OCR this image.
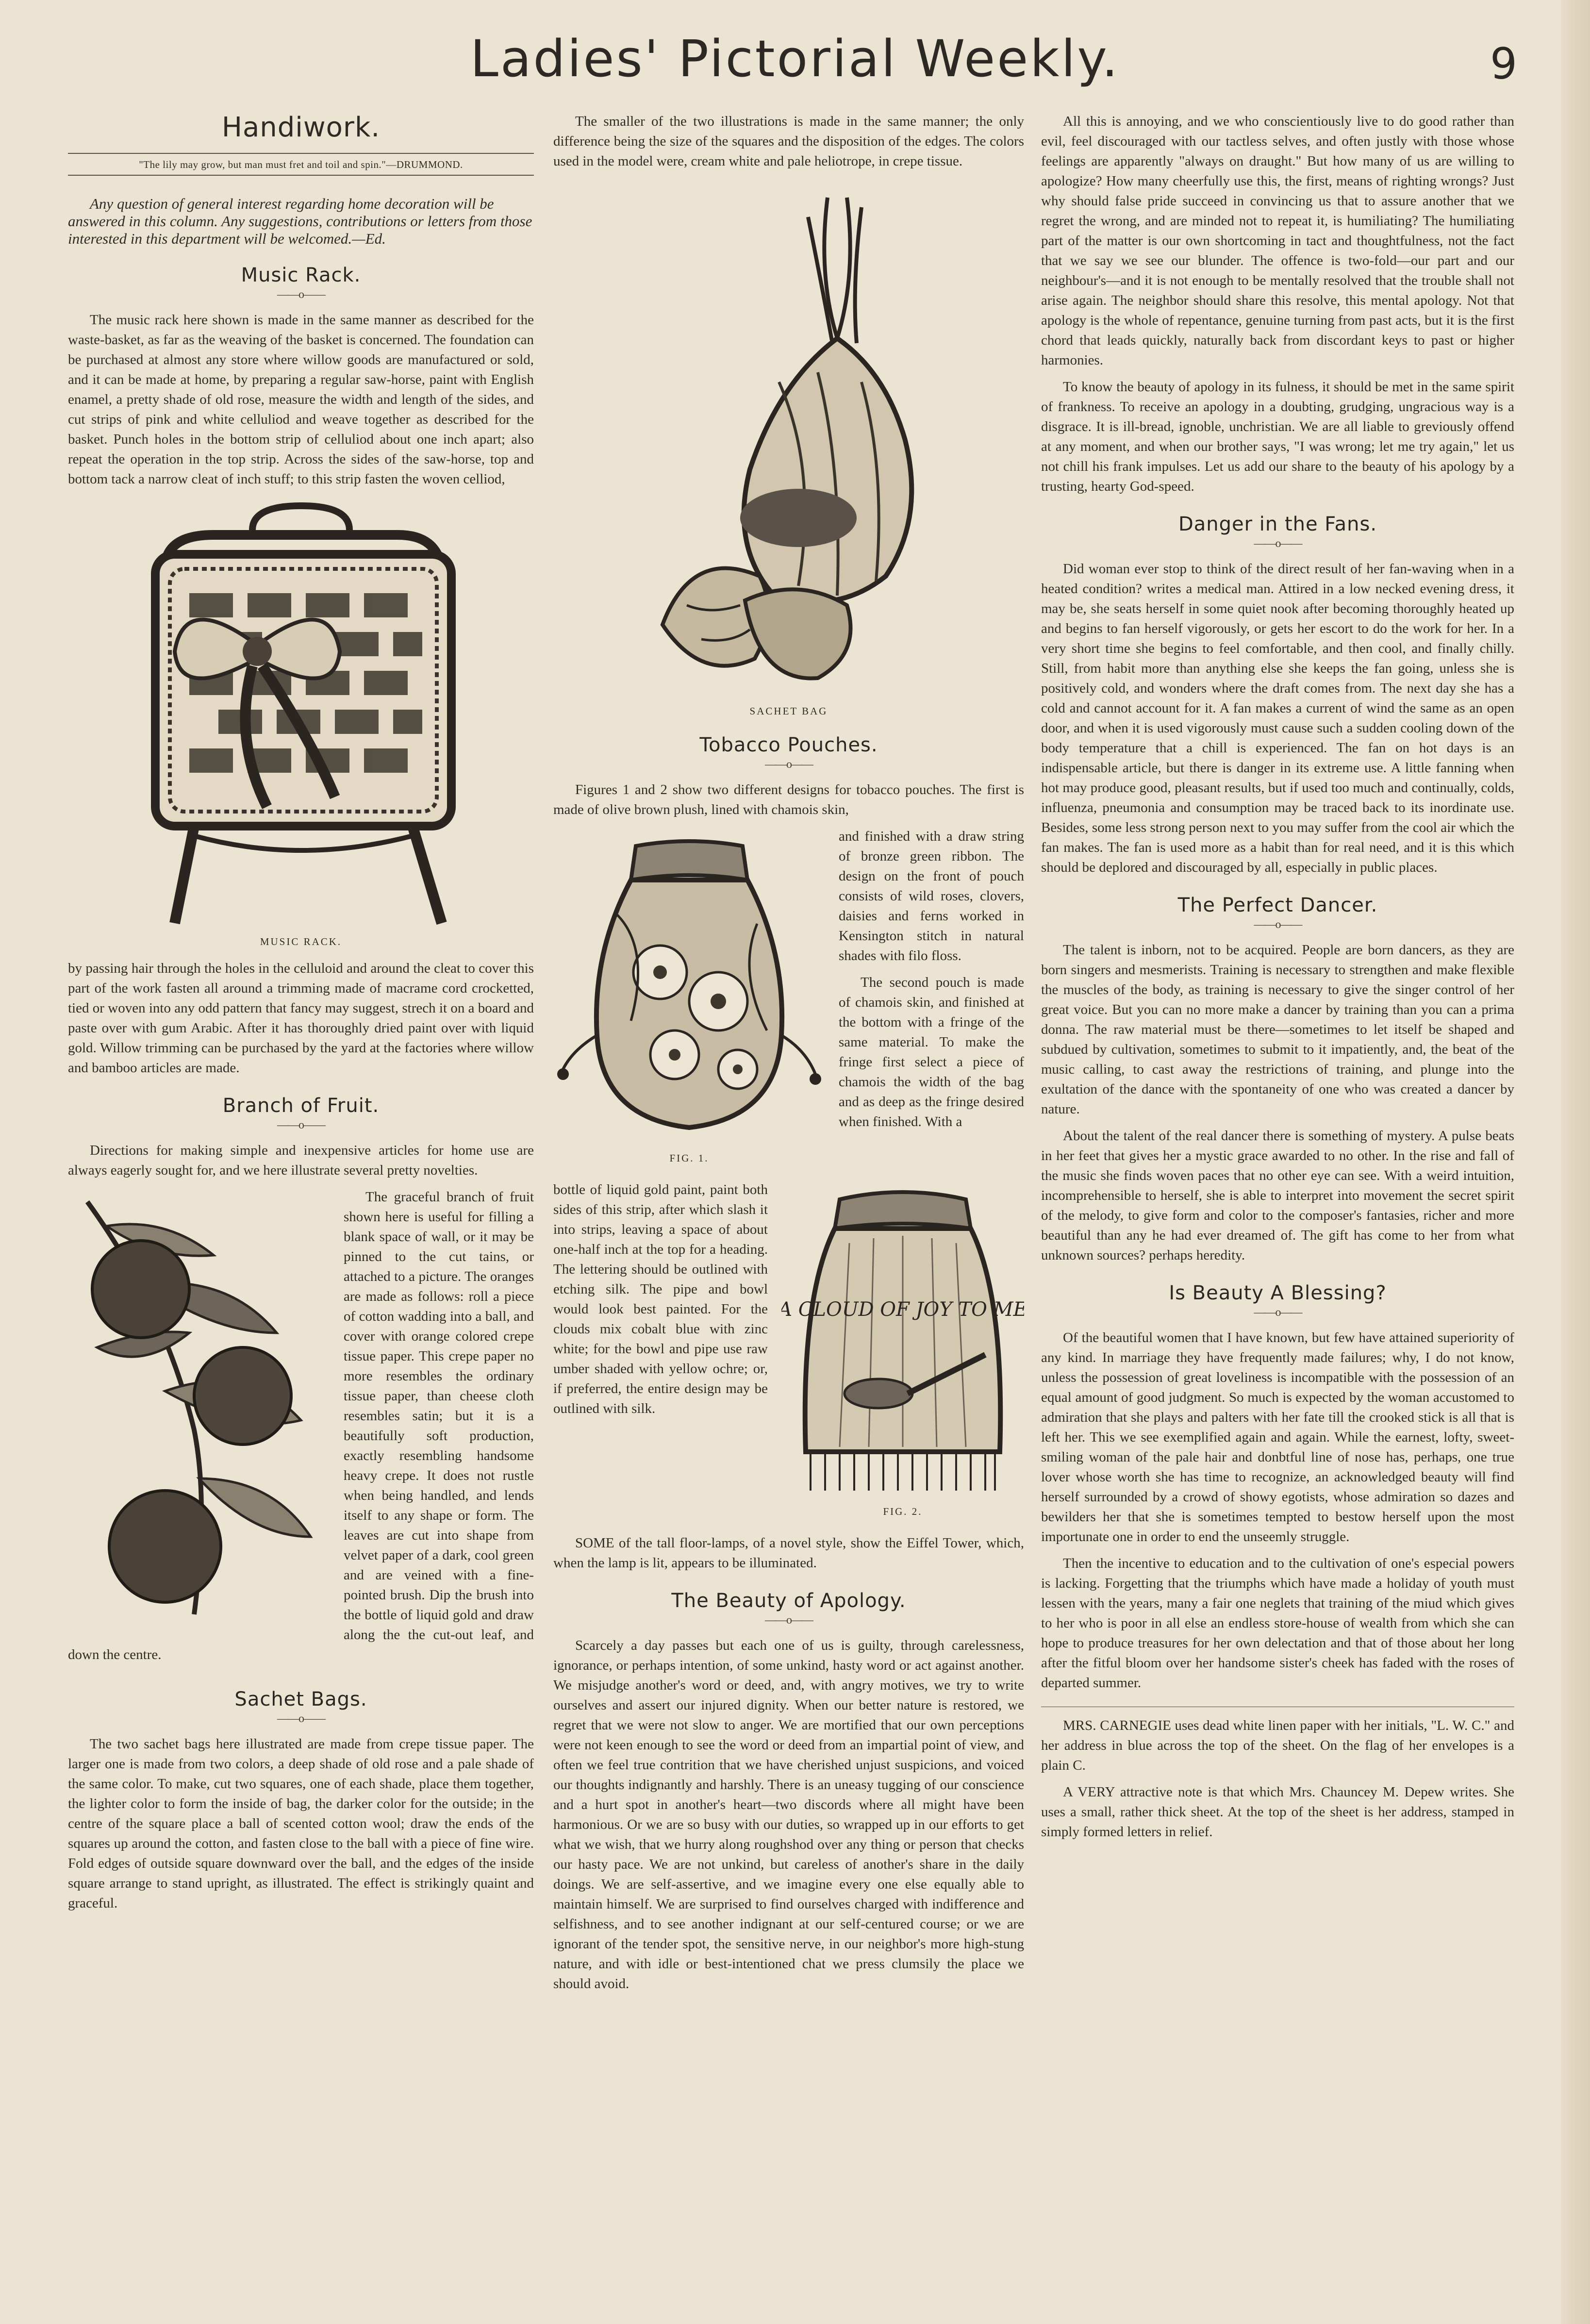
Ladies' Pictorial Weekly.	9
Handiwork.
"The lily may grow, but man must fret and toil and spin."—DRUMMOND.

Any question of general interest regarding home decoration will be answered in this column. Any suggestions, contributions or letters from those interested in this department will be welcomed.—Ed.

Music Rack.
——o——

The music rack here shown is made in the same manner as described for the waste-basket, as far as the weaving of the basket is concerned. The foundation can be purchased at almost any store where willow goods are manufactured or sold, and it can be made at home, by preparing a regular saw-horse, paint with English enamel, a pretty shade of old rose, measure the width and length of the sides, and cut strips of pink and white celluliod and weave together as described for the basket. Punch holes in the bottom strip of celluliod about one inch apart; also repeat the operation in the top strip. Across the sides of the saw-horse, top and bottom tack a narrow cleat of inch stuff; to this strip fasten the woven celliod,

MUSIC RACK.

by passing hair through the holes in the celluloid and around the cleat to cover this part of the work fasten all around a trimming made of macrame cord crocketted, tied or woven into any odd pattern that fancy may suggest, strech it on a board and paste over with gum Arabic. After it has thoroughly dried paint over with liquid gold. Willow trimming can be purchased by the yard at the factories where willow and bamboo articles are made.

Branch of Fruit.
——o——

Directions for making simple and inexpensive articles for home use are always eagerly sought for, and we here illustrate several pretty novelties.

The graceful branch of fruit shown here is useful for filling a blank space of wall, or it may be pinned to the cut tains, or attached to a picture. The oranges are made as follows: roll a piece of cotton wadding into a ball, and cover with orange colored crepe tissue paper. This crepe paper no more resembles the ordinary tissue paper, than cheese cloth resembles satin; but it is a beautifully soft production, exactly resembling handsome heavy crepe. It does not rustle when being handled, and lends itself to any shape or form. The leaves are cut into shape from velvet paper of a dark, cool green and are veined with a fine-pointed brush. Dip the brush into the bottle of liquid gold and draw along the the cut-out leaf, and down the centre.

Sachet Bags.
——o——

The two sachet bags here illustrated are made from crepe tissue paper. The larger one is made from two colors, a deep shade of old rose and a pale shade of the same color. To make, cut two squares, one of each shade, place them together, the lighter color to form the inside of bag, the darker color for the outside; in the centre of the square place a ball of scented cotton wool; draw the ends of the squares up around the cotton, and fasten close to the ball with a piece of fine wire. Fold edges of outside square downward over the ball, and the edges of the inside square arrange to stand upright, as illustrated. The effect is strikingly quaint and graceful.

The smaller of the two illustrations is made in the same manner; the only difference being the size of the squares and the disposition of the edges. The colors used in the model were, cream white and pale heliotrope, in crepe tissue.

SACHET BAG
Tobacco Pouches.
——o——

Figures 1 and 2 show two different designs for tobacco pouches. The first is made of olive brown plush, lined with chamois skin,

FIG. 1.

and finished with a draw string of bronze green ribbon. The design on the front of pouch consists of wild roses, clovers, daisies and ferns worked in Kensington stitch in natural shades with filo floss.

The second pouch is made of chamois skin, and finished at the bottom with a fringe of the same material. To make the fringe first select a piece of chamois the width of the bag and as deep as the fringe desired when finished. With a

A CLOUD OF JOY TO ME
FIG. 2.

bottle of liquid gold paint, paint both sides of this strip, after which slash it into strips, leaving a space of about one-half inch at the top for a heading. The lettering should be outlined with etching silk. The pipe and bowl would look best painted. For the clouds mix cobalt blue with zinc white; for the bowl and pipe use raw umber shaded with yellow ochre; or, if preferred, the entire design may be outlined with silk.

SOME of the tall floor-lamps, of a novel style, show the Eiffel Tower, which, when the lamp is lit, appears to be illuminated.

The Beauty of Apology.
——o——

Scarcely a day passes but each one of us is guilty, through carelessness, ignorance, or perhaps intention, of some unkind, hasty word or act against another. We misjudge another's word or deed, and, with angry motives, we try to write ourselves and assert our injured dignity. When our better nature is restored, we regret that we were not slow to anger. We are mortified that our own perceptions were not keen enough to see the word or deed from an impartial point of view, and often we feel true contrition that we have cherished unjust suspicions, and voiced our thoughts indignantly and harshly. There is an uneasy tugging of our conscience and a hurt spot in another's heart—two discords where all might have been harmonious. Or we are so busy with our duties, so wrapped up in our efforts to get what we wish, that we hurry along roughshod over any thing or person that checks our hasty pace. We are not unkind, but careless of another's share in the daily doings. We are self-assertive, and we imagine every one else equally able to maintain himself. We are surprised to find ourselves charged with indifference and selfishness, and to see another indignant at our self-centured course; or we are ignorant of the tender spot, the sensitive nerve, in our neighbor's more high-stung nature, and with idle or best-intentioned chat we press clumsily the place we should avoid.

All this is annoying, and we who conscientiously live to do good rather than evil, feel discouraged with our tactless selves, and often justly with those whose feelings are apparently "always on draught." But how many of us are willing to apologize? How many cheerfully use this, the first, means of righting wrongs? Just why should false pride succeed in convincing us that to assure another that we regret the wrong, and are minded not to repeat it, is humiliating? The humiliating part of the matter is our own shortcoming in tact and thoughtfulness, not the fact that we say we see our blunder. The offence is two-fold—our part and our neighbour's—and it is not enough to be mentally resolved that the trouble shall not arise again. The neighbor should share this resolve, this mental apology. Not that apology is the whole of repentance, genuine turning from past acts, but it is the first chord that leads quickly, naturally back from discordant keys to past or higher harmonies.

To know the beauty of apology in its fulness, it should be met in the same spirit of frankness. To receive an apology in a doubting, grudging, ungracious way is a disgrace. It is ill-bread, ignoble, unchristian. We are all liable to greviously offend at any moment, and when our brother says, "I was wrong; let me try again," let us not chill his frank impulses. Let us add our share to the beauty of his apology by a trusting, hearty God-speed.

Danger in the Fans.
——o——

Did woman ever stop to think of the direct result of her fan-waving when in a heated condition? writes a medical man. Attired in a low necked evening dress, it may be, she seats herself in some quiet nook after becoming thoroughly heated up and begins to fan herself vigorously, or gets her escort to do the work for her. In a very short time she begins to feel comfortable, and then cool, and finally chilly. Still, from habit more than anything else she keeps the fan going, unless she is positively cold, and wonders where the draft comes from. The next day she has a cold and cannot account for it. A fan makes a current of wind the same as an open door, and when it is used vigorously must cause such a sudden cooling down of the body temperature that a chill is experienced. The fan on hot days is an indispensable article, but there is danger in its extreme use. A little fanning when hot may produce good, pleasant results, but if used too much and continually, colds, influenza, pneumonia and consumption may be traced back to its inordinate use. Besides, some less strong person next to you may suffer from the cool air which the fan makes. The fan is used more as a habit than for real need, and it is this which should be deplored and discouraged by all, especially in public places.

The Perfect Dancer.
——o——

The talent is inborn, not to be acquired. People are born dancers, as they are born singers and mesmerists. Training is necessary to strengthen and make flexible the muscles of the body, as training is necessary to give the singer control of her great voice. But you can no more make a dancer by training than you can a prima donna. The raw material must be there—sometimes to let itself be shaped and subdued by cultivation, sometimes to submit to it impatiently, and, the beat of the music calling, to cast away the restrictions of training, and plunge into the exultation of the dance with the spontaneity of one who was created a dancer by nature.

About the talent of the real dancer there is something of mystery. A pulse beats in her feet that gives her a mystic grace awarded to no other. In the rise and fall of the music she finds woven paces that no other eye can see. With a weird intuition, incomprehensible to herself, she is able to interpret into movement the secret spirit of the melody, to give form and color to the composer's fantasies, richer and more beautiful than any he had ever dreamed of. The gift has come to her from what unknown sources? perhaps heredity.

Is Beauty A Blessing?
——o——

Of the beautiful women that I have known, but few have attained superiority of any kind. In marriage they have frequently made failures; why, I do not know, unless the possession of great loveliness is incompatible with the possession of an equal amount of good judgment. So much is expected by the woman accustomed to admiration that she plays and palters with her fate till the crooked stick is all that is left her. This we see exemplified again and again. While the earnest, lofty, sweet-smiling woman of the pale hair and donbtful line of nose has, perhaps, one true lover whose worth she has time to recognize, an acknowledged beauty will find herself surrounded by a crowd of showy egotists, whose admiration so dazes and bewilders her that she is sometimes tempted to bestow herself upon the most importunate one in order to end the unseemly struggle.

Then the incentive to education and to the cultivation of one's especial powers is lacking. Forgetting that the triumphs which have made a holiday of youth must lessen with the years, many a fair one neglets that training of the miud which gives to her who is poor in all else an endless store-house of wealth from which she can hope to produce treasures for her own delectation and that of those about her long after the fitful bloom over her handsome sister's cheek has faded with the roses of departed summer.

MRS. CARNEGIE uses dead white linen paper with her initials, "L. W. C." and her address in blue across the top of the sheet. On the flag of her envelopes is a plain C.

A VERY attractive note is that which Mrs. Chauncey M. Depew writes. She uses a small, rather thick sheet. At the top of the sheet is her address, stamped in simply formed letters in relief.
